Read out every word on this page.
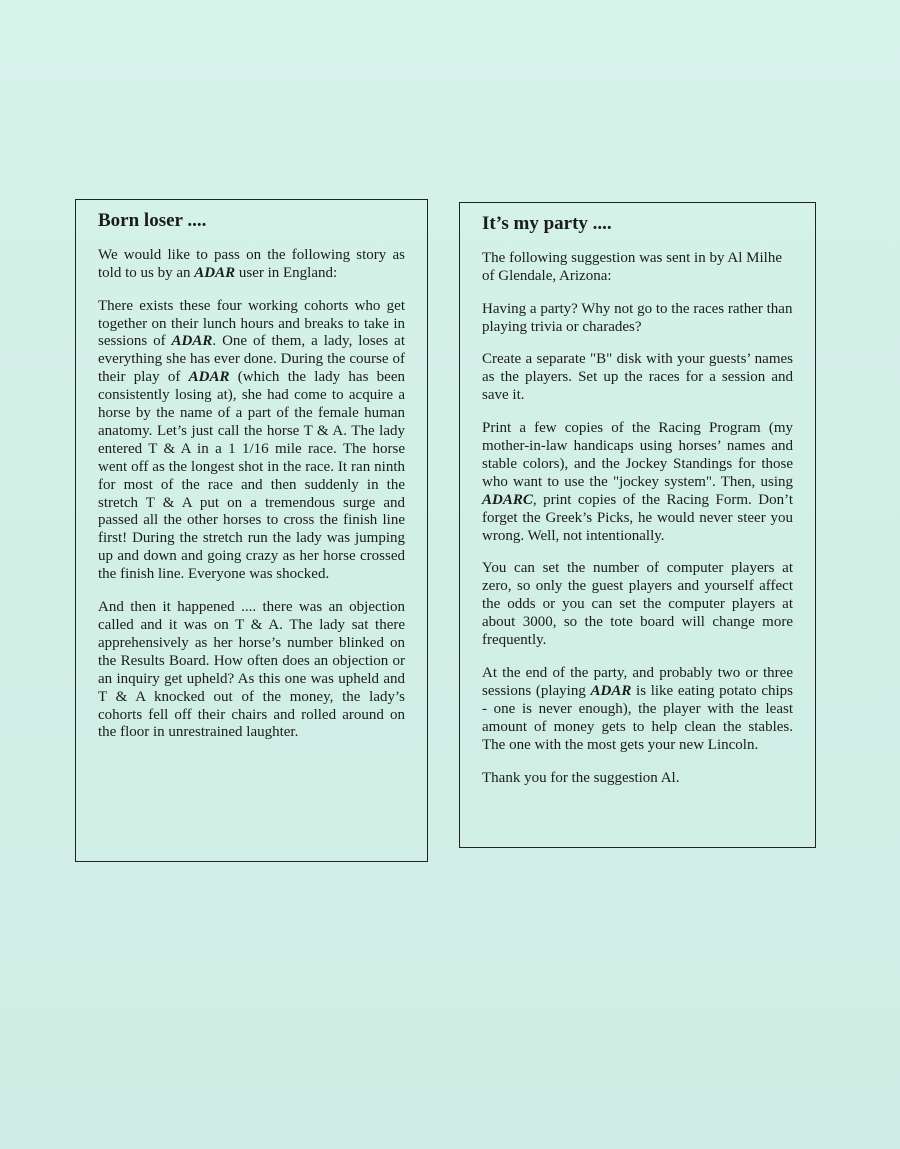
Born loser ....

We would like to pass on the following story as told to us by an ADAR user in England:

There exists these four working cohorts who get together on their lunch hours and breaks to take in sessions of ADAR. One of them, a lady, loses at everything she has ever done. During the course of their play of ADAR (which the lady has been consistently losing at), she had come to acquire a horse by the name of a part of the female human anatomy. Let’s just call the horse T & A. The lady entered T & A in a 1 1/16 mile race. The horse went off as the longest shot in the race. It ran ninth for most of the race and then suddenly in the stretch T & A put on a tremendous surge and passed all the other horses to cross the finish line first! During the stretch run the lady was jumping up and down and going crazy as her horse crossed the finish line. Everyone was shocked.

And then it happened .... there was an objection called and it was on T & A. The lady sat there apprehensively as her horse’s number blinked on the Results Board. How often does an objection or an inquiry get upheld? As this one was upheld and T & A knocked out of the money, the lady’s cohorts fell off their chairs and rolled around on the floor in unrestrained laughter.

It’s my party ....

The following suggestion was sent in by Al Milhe of Glendale, Arizona:

Having a party? Why not go to the races rather than playing trivia or charades?

Create a separate "B" disk with your guests’ names as the players. Set up the races for a session and save it.

Print a few copies of the Racing Program (my mother-in-law handicaps using horses’ names and stable colors), and the Jockey Standings for those who want to use the "jockey system". Then, using ADARC, print copies of the Racing Form. Don’t forget the Greek’s Picks, he would never steer you wrong. Well, not intentionally.

You can set the number of computer players at zero, so only the guest players and yourself affect the odds or you can set the computer players at about 3000, so the tote board will change more frequently.

At the end of the party, and probably two or three sessions (playing ADAR is like eating potato chips - one is never enough), the player with the least amount of money gets to help clean the stables. The one with the most gets your new Lincoln.

Thank you for the suggestion Al.
